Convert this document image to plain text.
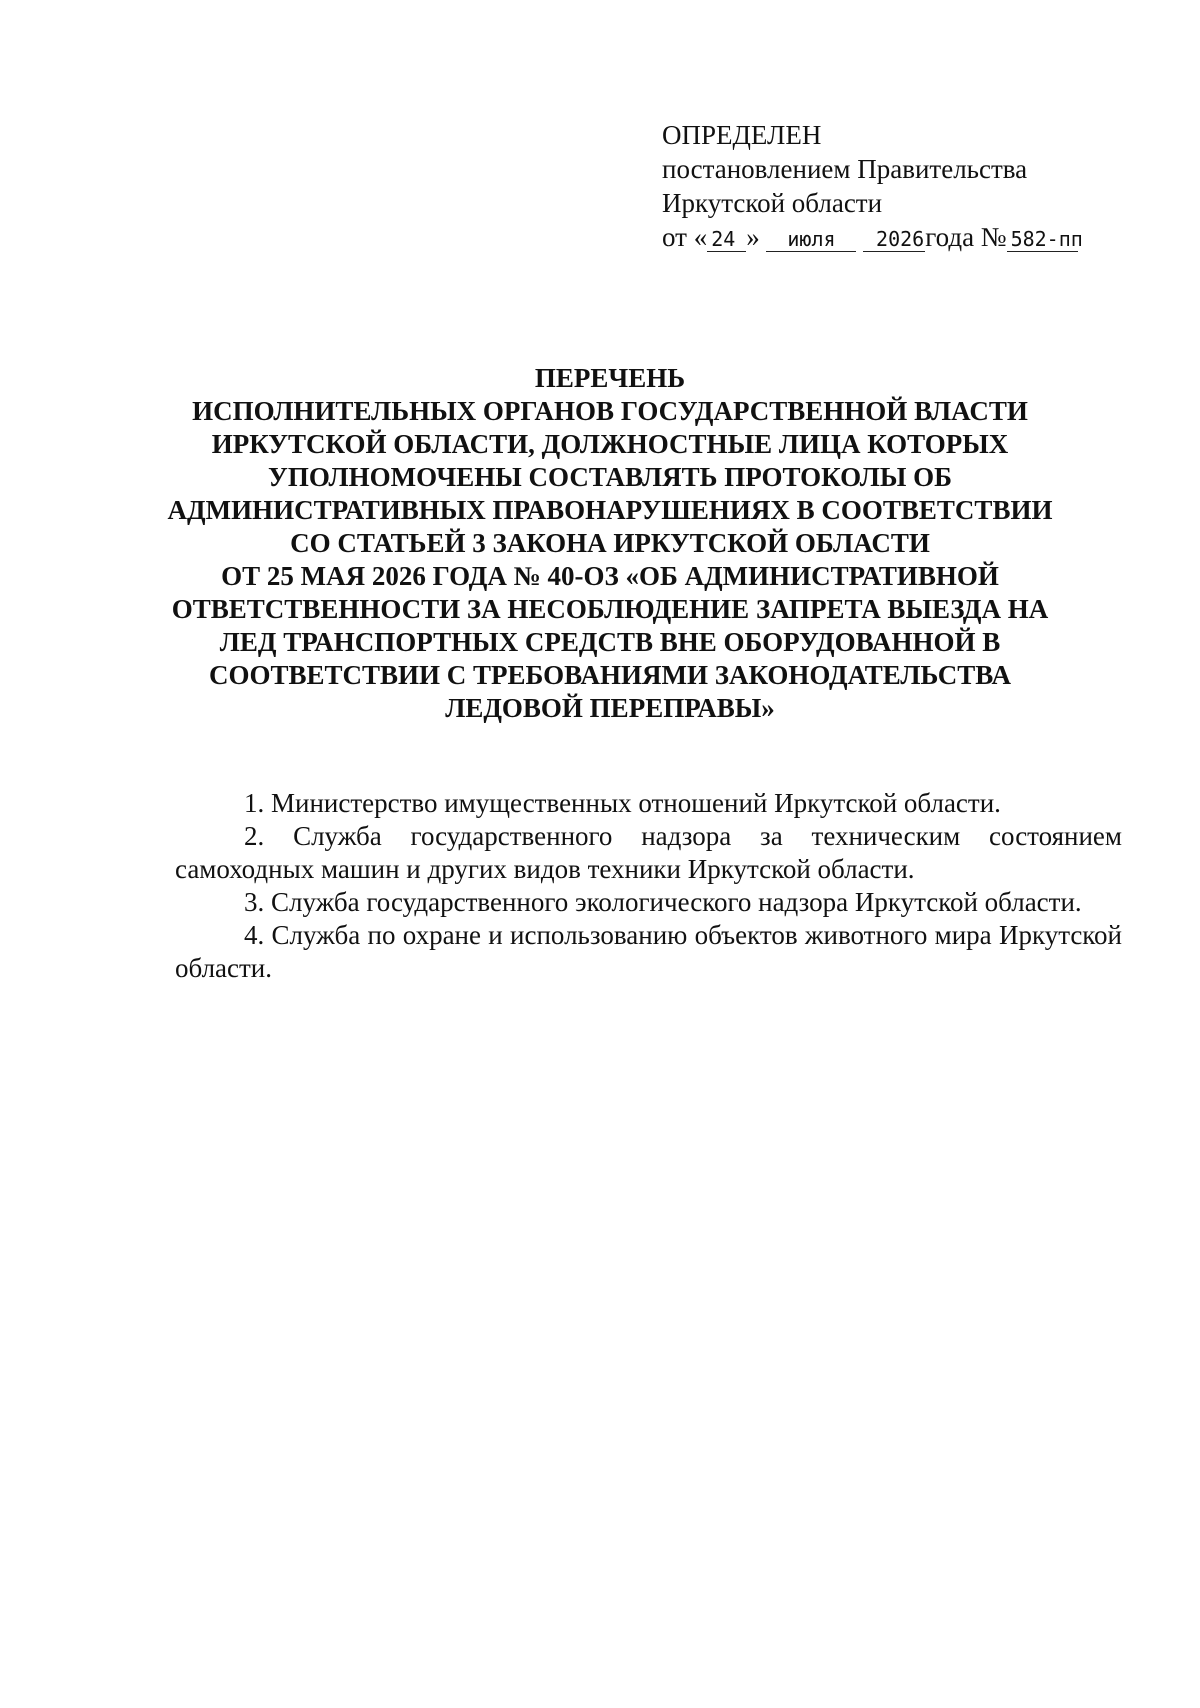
ОПРЕДЕЛЕН
постановлением Правительства
Иркутской области
от « 24 » июля 2026года № 582-пп
ПЕРЕЧЕНЬ
ИСПОЛНИТЕЛЬНЫХ ОРГАНОВ ГОСУДАРСТВЕННОЙ ВЛАСТИ
ИРКУТСКОЙ ОБЛАСТИ, ДОЛЖНОСТНЫЕ ЛИЦА КОТОРЫХ
УПОЛНОМОЧЕНЫ СОСТАВЛЯТЬ ПРОТОКОЛЫ ОБ
АДМИНИСТРАТИВНЫХ ПРАВОНАРУШЕНИЯХ В СООТВЕТСТВИИ
СО СТАТЬЕЙ 3 ЗАКОНА ИРКУТСКОЙ ОБЛАСТИ
ОТ 25 МАЯ 2026 ГОДА № 40-ОЗ «ОБ АДМИНИСТРАТИВНОЙ
ОТВЕТСТВЕННОСТИ ЗА НЕСОБЛЮДЕНИЕ ЗАПРЕТА ВЫЕЗДА НА
ЛЕД ТРАНСПОРТНЫХ СРЕДСТВ ВНЕ ОБОРУДОВАННОЙ В
СООТВЕТСТВИИ С ТРЕБОВАНИЯМИ ЗАКОНОДАТЕЛЬСТВА
ЛЕДОВОЙ ПЕРЕПРАВЫ»

1. Министерство имущественных отношений Иркутской области.

2. Служба государственного надзора за техническим состоянием самоходных машин и других видов техники Иркутской области.

3. Служба государственного экологического надзора Иркутской области.

4. Служба по охране и использованию объектов животного мира Иркутской области.
